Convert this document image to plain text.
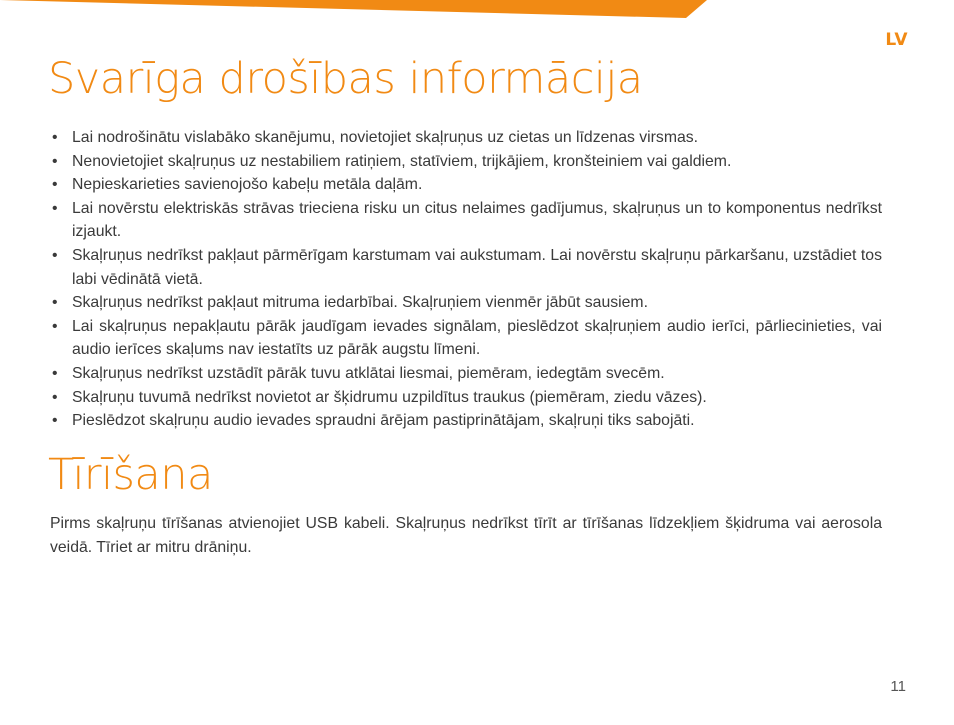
LV
Svarīga drošības informācija
• Lai nodrošinātu vislabāko skanējumu, novietojiet skaļruņus uz cietas un līdzenas virsmas.
• Nenovietojiet skaļruņus uz nestabiliem ratiņiem, statīviem, trijkājiem, kronšteiniem vai galdiem.
• Nepieskarieties savienojošo kabeļu metāla daļām.
• Lai novērstu elektriskās strāvas trieciena risku un citus nelaimes gadījumus, skaļruņus un to komponentus nedrīkst izjaukt.
• Skaļruņus nedrīkst pakļaut pārmērīgam karstumam vai aukstumam. Lai novērstu skaļruņu pārkaršanu, uzstādiet tos labi vēdinātā vietā.
• Skaļruņus nedrīkst pakļaut mitruma iedarbībai. Skaļruņiem vienmēr jābūt sausiem.
• Lai skaļruņus nepakļautu pārāk jaudīgam ievades signālam, pieslēdzot skaļruņiem audio ierīci, pārliecinieties, vai audio ierīces skaļums nav iestatīts uz pārāk augstu līmeni.
• Skaļruņus nedrīkst uzstādīt pārāk tuvu atklātai liesmai, piemēram, iedegtām svecēm.
• Skaļruņu tuvumā nedrīkst novietot ar šķidrumu uzpildītus traukus (piemēram, ziedu vāzes).
• Pieslēdzot skaļruņu audio ievades spraudni ārējam pastiprinātājam, skaļruņi tiks sabojāti.
Tīrīšana

Pirms skaļruņu tīrīšanas atvienojiet USB kabeli. Skaļruņus nedrīkst tīrīt ar tīrīšanas līdzekļiem šķidruma vai aerosola veidā. Tīriet ar mitru drāniņu.

11
